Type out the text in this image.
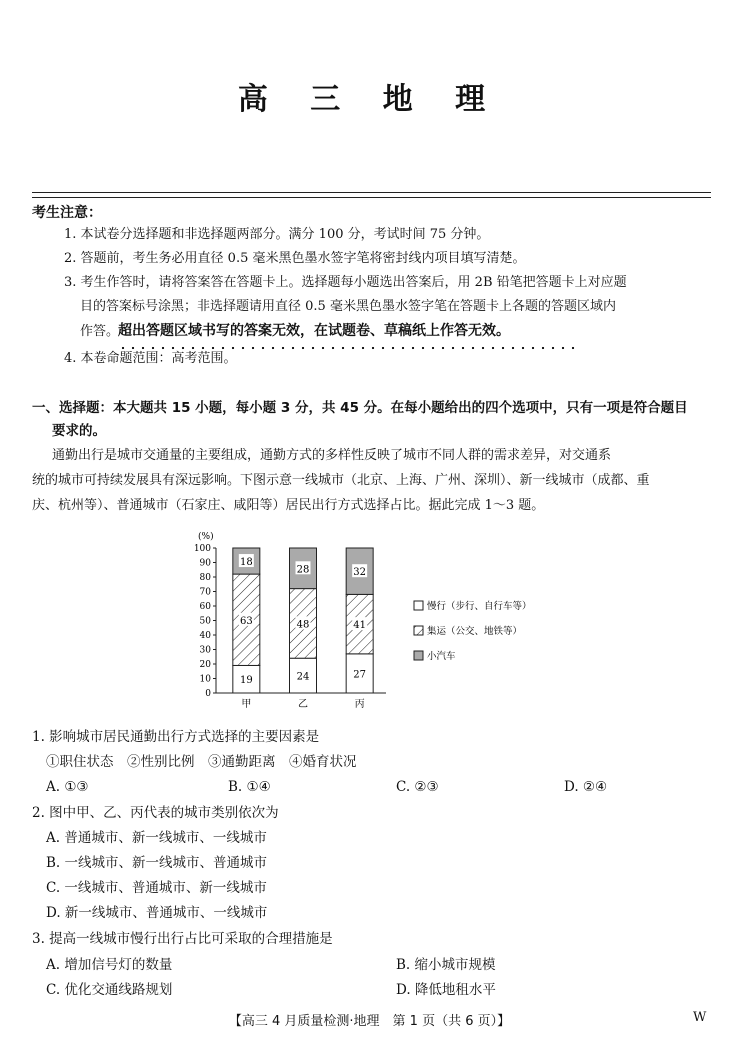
高 三 地 理
考生注意：
1. 本试卷分选择题和非选择题两部分。满分 100 分，考试时间 75 分钟。
2. 答题前，考生务必用直径 0.5 毫米黑色墨水签字笔将密封线内项目填写清楚。
3. 考生作答时，请将答案答在答题卡上。选择题每小题选出答案后，用 2B 铅笔把答题卡上对应题
目的答案标号涂黑；非选择题请用直径 0.5 毫米黑色墨水签字笔在答题卡上各题的答题区域内
作答。
超出答题区域书写的答案无效，在试题卷、草稿纸上作答无效。
4. 本卷命题范围：高考范围。
一、选择题：本大题共 15 小题，每小题 3 分，共 45 分。在每小题给出的四个选项中，只有一项是符合题目
要求的。
通勤出行是城市交通量的主要组成，通勤方式的多样性反映了城市不同人群的需求差异，对交通系
统的城市可持续发展具有深远影响。下图示意一线城市（北京、上海、广州、深圳）、新一线城市（成都、重
庆、杭州等）、普通城市（石家庄、咸阳等）居民出行方式选择占比。据此完成 1～3 题。
(%)
0
10
20
30
40
50
60
70
80
90
100
19
63
18
甲
24
48
28
乙
27
41
32
丙
慢行（步行、自行车等）
集运（公交、地铁等）
小汽车
1. 影响城市居民通勤出行方式选择的主要因素是
①职住状态　②性别比例　③通勤距离　④婚育状况
A. ①③	B. ①④	C. ②③	D. ②④
2. 图中甲、乙、丙代表的城市类别依次为
A. 普通城市、新一线城市、一线城市
B. 一线城市、新一线城市、普通城市
C. 一线城市、普通城市、新一线城市
D. 新一线城市、普通城市、一线城市
3. 提高一线城市慢行出行占比可采取的合理措施是
A. 增加信号灯的数量	B. 缩小城市规模
C. 优化交通线路规划	D. 降低地租水平
【高三 4 月质量检测·地理　第 1 页（共 6 页）】	W
